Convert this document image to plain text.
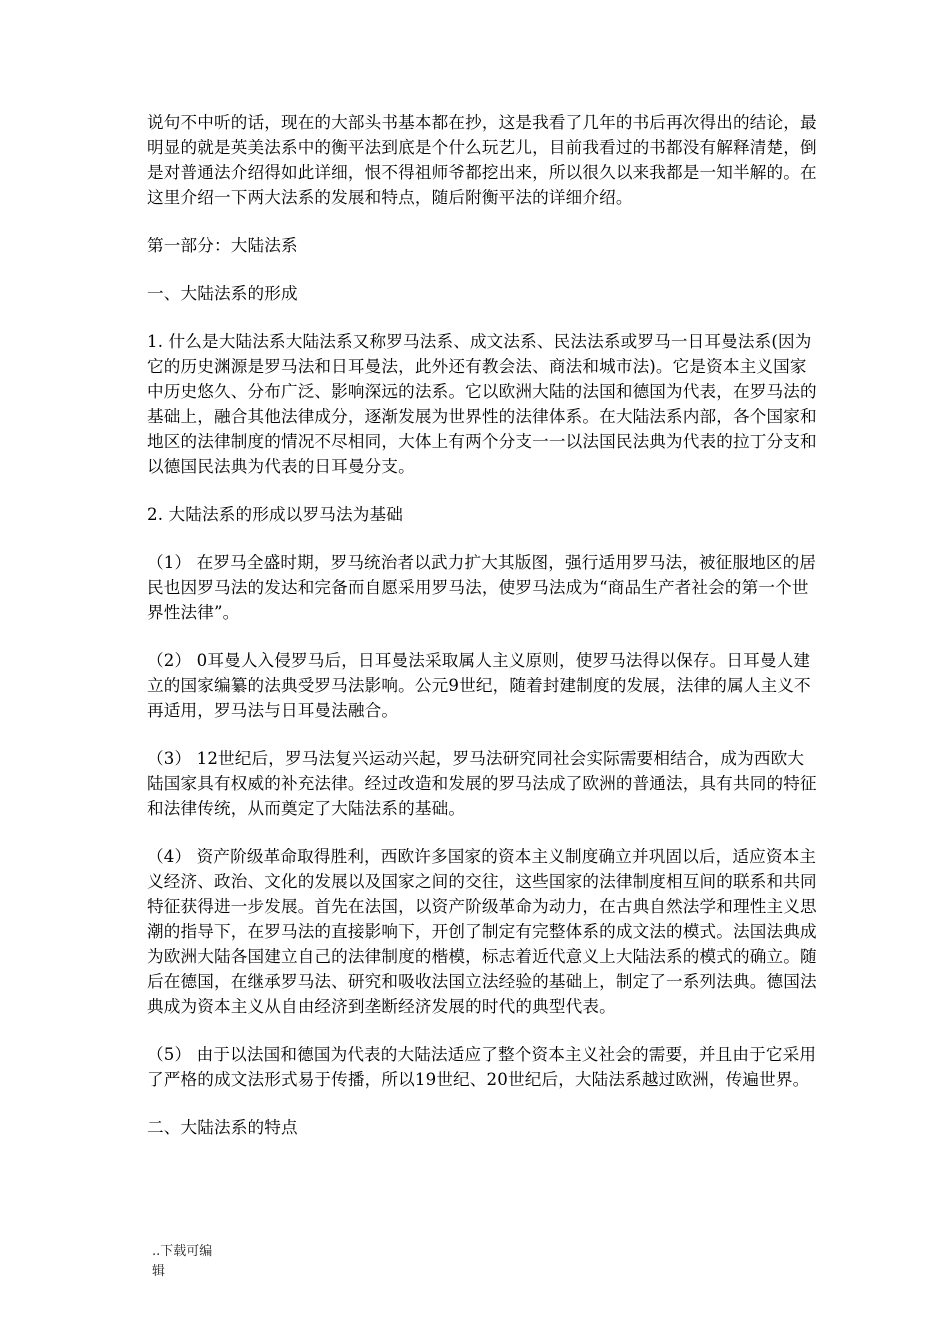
说句不中听的话，现在的大部头书基本都在抄，这是我看了几年的书后再次得出的结论，最明显的就是英美法系中的衡平法到底是个什么玩艺儿，目前我看过的书都没有解释清楚，倒是对普通法介绍得如此详细，恨不得祖师爷都挖出来，所以很久以来我都是一知半解的。在这里介绍一下两大法系的发展和特点，随后附衡平法的详细介绍。

第一部分：大陆法系

一、大陆法系的形成

1. 什么是大陆法系大陆法系又称罗马法系、成文法系、民法法系或罗马一日耳曼法系(因为它的历史渊源是罗马法和日耳曼法，此外还有教会法、商法和城市法)。它是资本主义国家中历史悠久、分布广泛、影响深远的法系。它以欧洲大陆的法国和德国为代表，在罗马法的基础上，融合其他法律成分，逐渐发展为世界性的法律体系。在大陆法系内部，各个国家和地区的法律制度的情况不尽相同，大体上有两个分支一一以法国民法典为代表的拉丁分支和以德国民法典为代表的日耳曼分支。

2. 大陆法系的形成以罗马法为基础

（1） 在罗马全盛时期，罗马统治者以武力扩大其版图，强行适用罗马法，被征服地区的居民也因罗马法的发达和完备而自愿采用罗马法，使罗马法成为“商品生产者社会的第一个世界性法律”。

（2） 0耳曼人入侵罗马后，日耳曼法采取属人主义原则，使罗马法得以保存。日耳曼人建立的国家编纂的法典受罗马法影响。公元9世纪，随着封建制度的发展，法律的属人主义不再适用，罗马法与日耳曼法融合。

（3） 12世纪后，罗马法复兴运动兴起，罗马法研究同社会实际需要相结合，成为西欧大陆国家具有权威的补充法律。经过改造和发展的罗马法成了欧洲的普通法，具有共同的特征和法律传统，从而奠定了大陆法系的基础。

（4） 资产阶级革命取得胜利，西欧许多国家的资本主义制度确立并巩固以后，适应资本主义经济、政治、文化的发展以及国家之间的交往，这些国家的法律制度相互间的联系和共同特征获得进一步发展。首先在法国，以资产阶级革命为动力，在古典自然法学和理性主义思潮的指导下，在罗马法的直接影响下，开创了制定有完整体系的成文法的模式。法国法典成为欧洲大陆各国建立自己的法律制度的楷模，标志着近代意义上大陆法系的模式的确立。随后在德国，在继承罗马法、研究和吸收法国立法经验的基础上，制定了一系列法典。德国法典成为资本主义从自由经济到垄断经济发展的时代的典型代表。

（5） 由于以法国和德国为代表的大陆法适应了整个资本主义社会的需要，并且由于它采用了严格的成文法形式易于传播，所以19世纪、20世纪后，大陆法系越过欧洲，传遍世界。

二、大陆法系的特点

..下载可编
辑
